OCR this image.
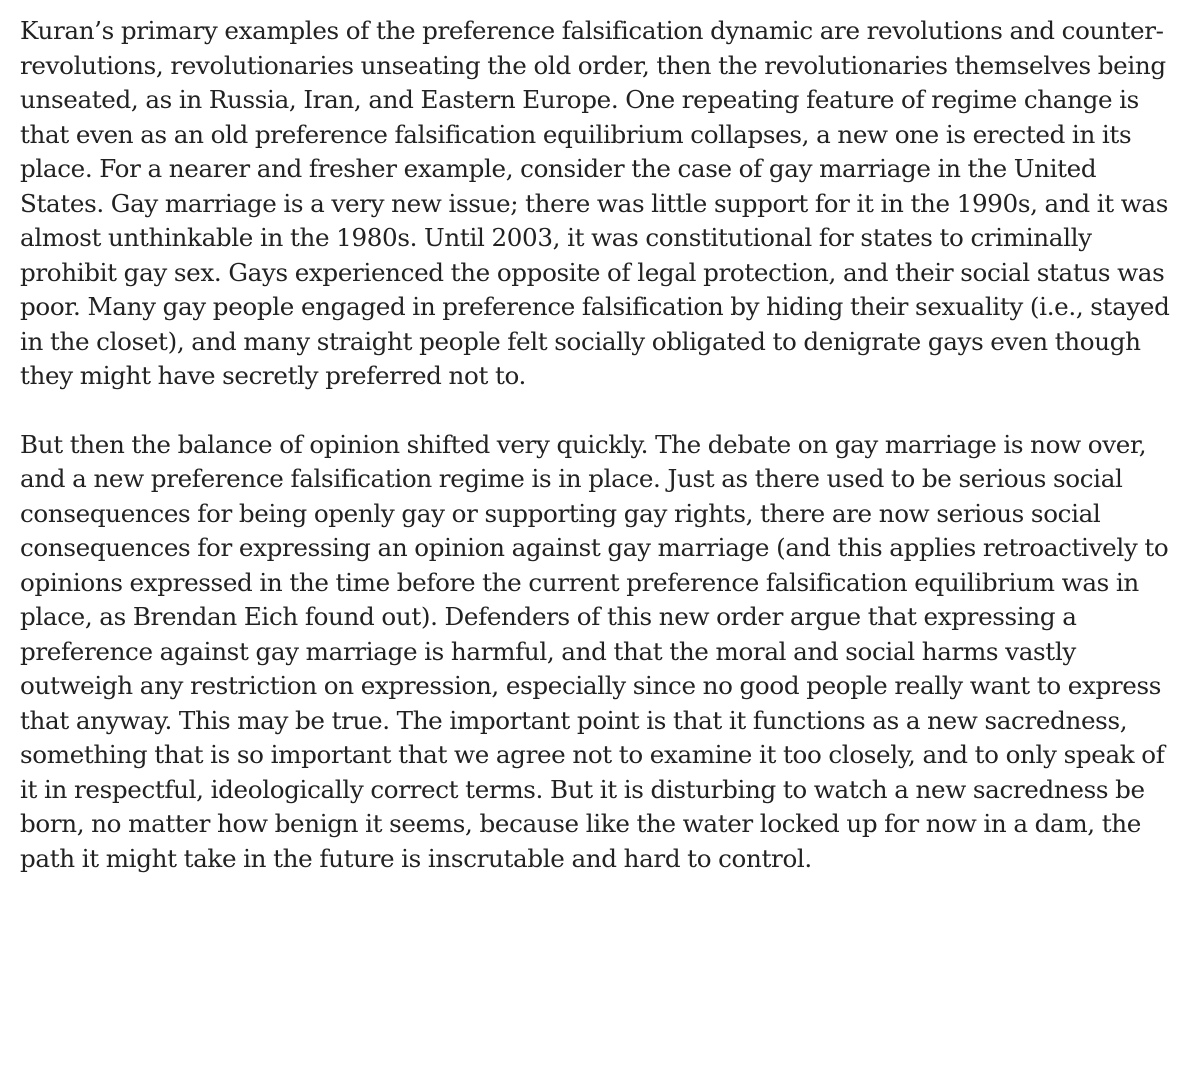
Kuran’s primary examples of the preference falsification dynamic are revolutions and counter-revolutions, revolutionaries unseating the old order, then the revolutionaries themselves being unseated, as in Russia, Iran, and Eastern Europe. One repeating feature of regime change is that even as an old preference falsification equilibrium collapses, a new one is erected in its place. For a nearer and fresher example, consider the case of gay marriage in the United States. Gay marriage is a very new issue; there was little support for it in the 1990s, and it was almost unthinkable in the 1980s. Until 2003, it was constitutional for states to criminally prohibit gay sex. Gays experienced the opposite of legal protection, and their social status was poor. Many gay people engaged in preference falsification by hiding their sexuality (i.e., stayed in the closet), and many straight people felt socially obligated to denigrate gays even though they might have secretly preferred not to.

But then the balance of opinion shifted very quickly. The debate on gay marriage is now over, and a new preference falsification regime is in place. Just as there used to be serious social consequences for being openly gay or supporting gay rights, there are now serious social consequences for expressing an opinion against gay marriage (and this applies retroactively to opinions expressed in the time before the current preference falsification equilibrium was in place, as Brendan Eich found out). Defenders of this new order argue that expressing a preference against gay marriage is harmful, and that the moral and social harms vastly outweigh any restriction on expression, especially since no good people really want to express that anyway. This may be true. The important point is that it functions as a new sacredness, something that is so important that we agree not to examine it too closely, and to only speak of it in respectful, ideologically correct terms. But it is disturbing to watch a new sacredness be born, no matter how benign it seems, because like the water locked up for now in a dam, the path it might take in the future is inscrutable and hard to control.
